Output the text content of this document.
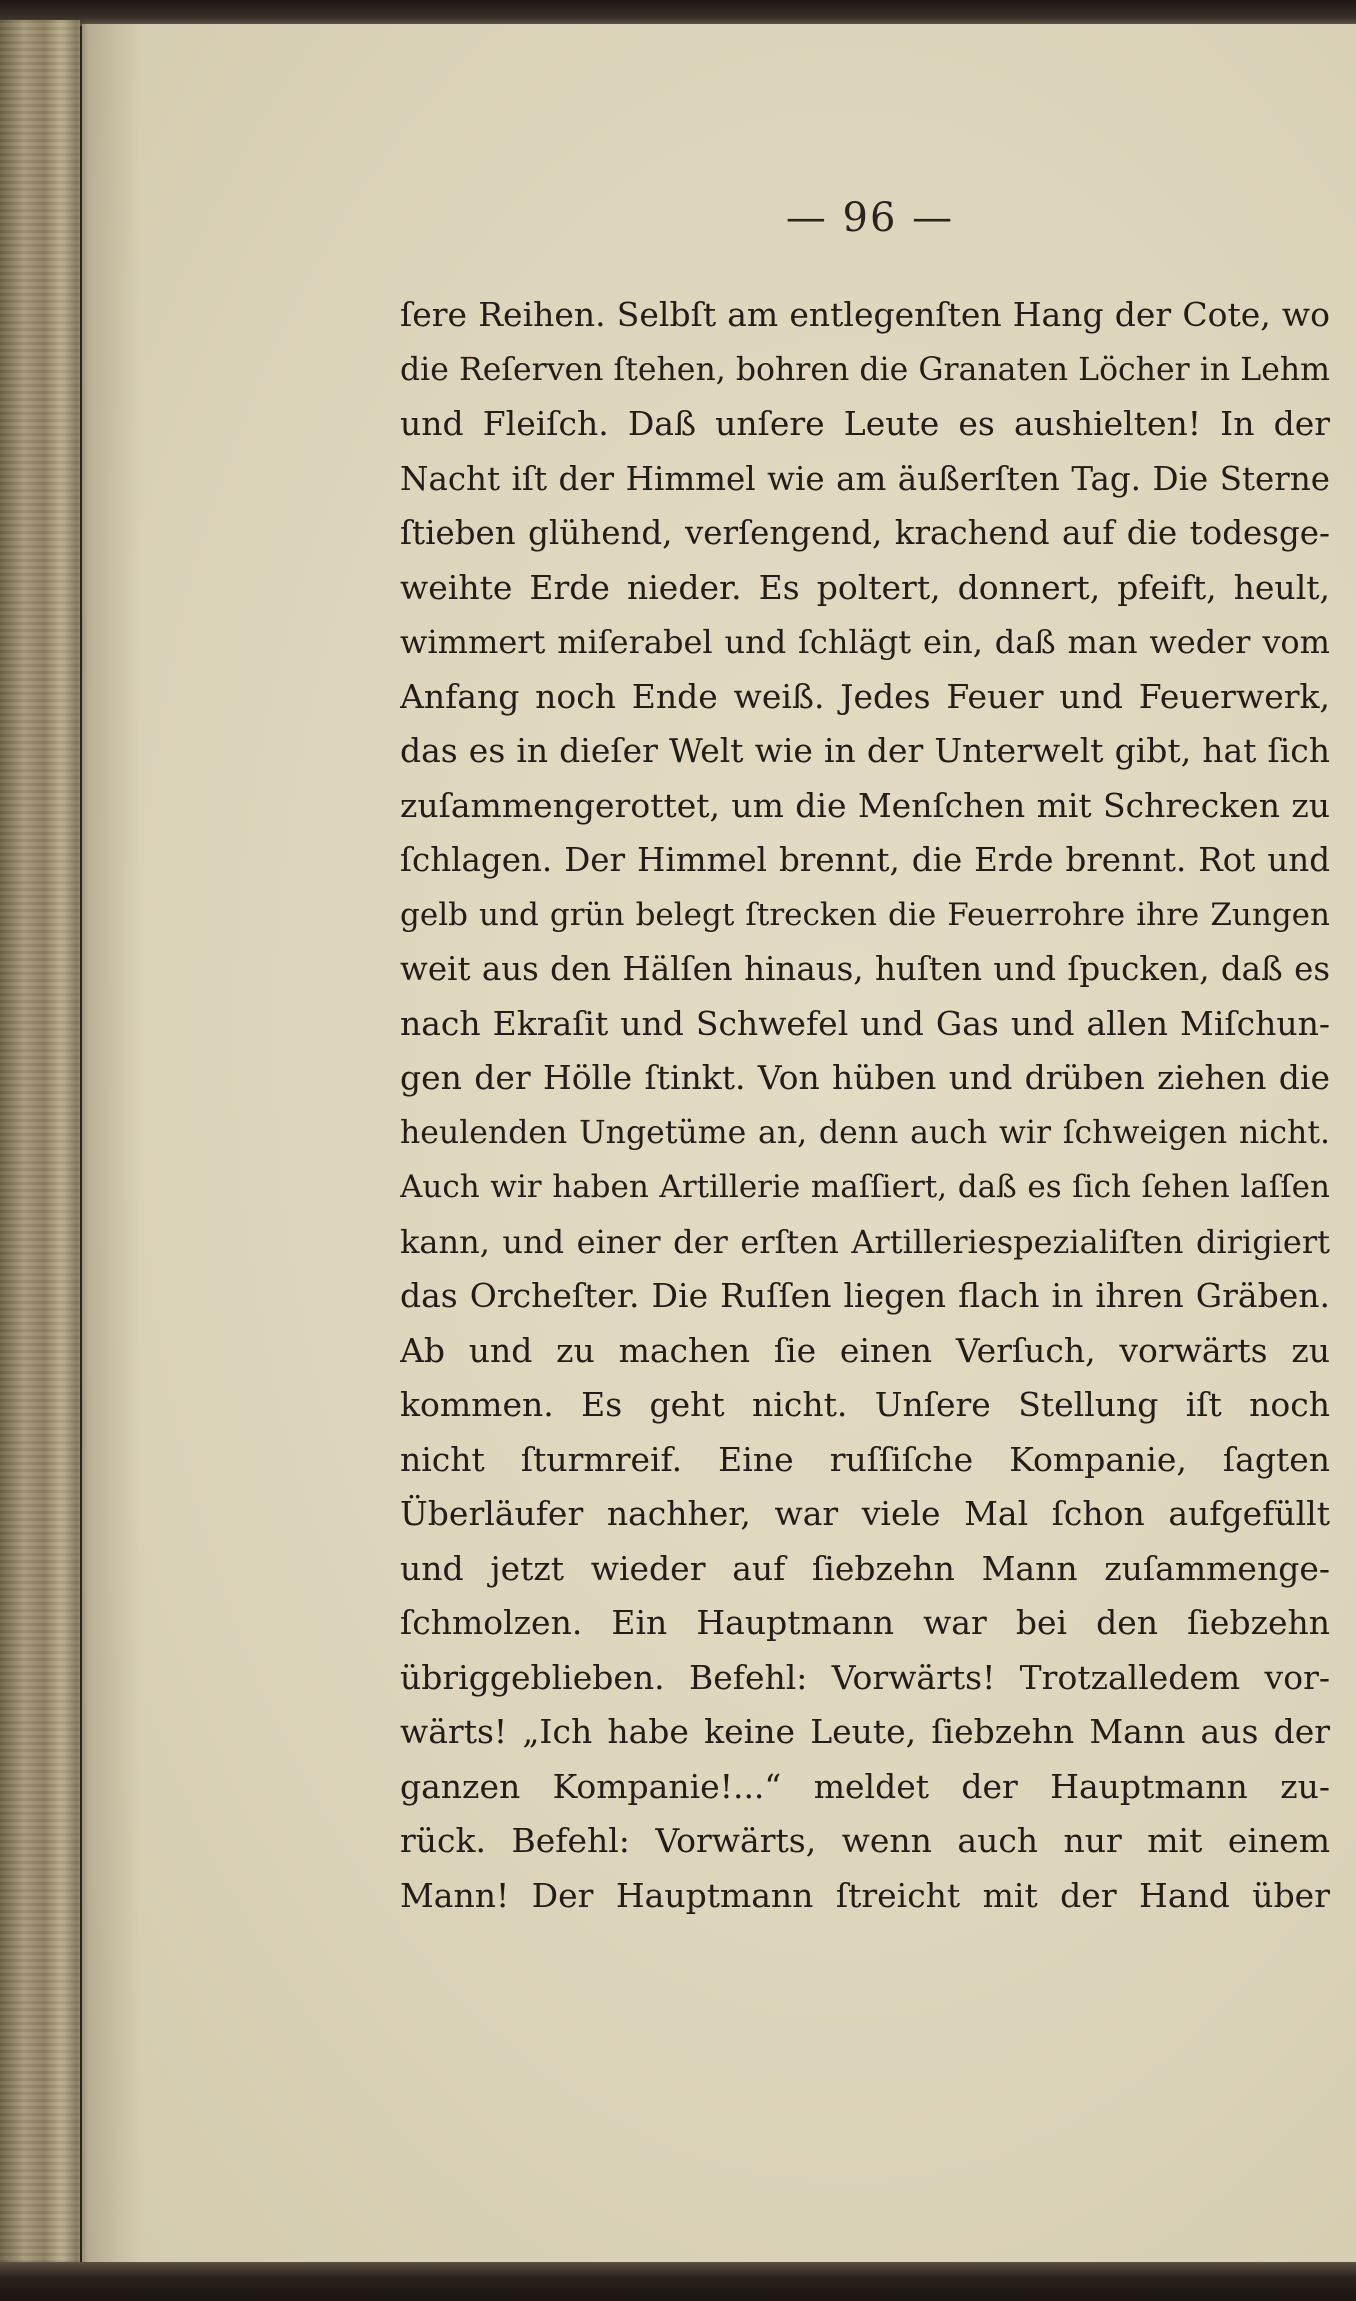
— 96 —
ſere Reihen. Selbſt am entlegenſten Hang der Cote, wo
die Reſerven ſtehen, bohren die Granaten Löcher in Lehm
und Fleiſch. Daß unſere Leute es aushielten! In der
Nacht iſt der Himmel wie am äußerſten Tag. Die Sterne
ſtieben glühend, verſengend, krachend auf die todesge-
weihte Erde nieder. Es poltert, donnert, pfeift, heult,
wimmert miſerabel und ſchlägt ein, daß man weder vom
Anfang noch Ende weiß. Jedes Feuer und Feuerwerk,
das es in dieſer Welt wie in der Unterwelt gibt, hat ſich
zuſammengerottet, um die Menſchen mit Schrecken zu
ſchlagen. Der Himmel brennt, die Erde brennt. Rot und
gelb und grün belegt ſtrecken die Feuerrohre ihre Zungen
weit aus den Hälſen hinaus, huſten und ſpucken, daß es
nach Ekraſit und Schwefel und Gas und allen Miſchun-
gen der Hölle ſtinkt. Von hüben und drüben ziehen die
heulenden Ungetüme an, denn auch wir ſchweigen nicht.
Auch wir haben Artillerie maſſiert, daß es ſich ſehen laſſen
kann, und einer der erſten Artilleriespezialiſten dirigiert
das Orcheſter. Die Ruſſen liegen flach in ihren Gräben.
Ab und zu machen ſie einen Verſuch, vorwärts zu
kommen. Es geht nicht. Unſere Stellung iſt noch
nicht ſturmreif. Eine ruſſiſche Kompanie, ſagten
Überläufer nachher, war viele Mal ſchon aufgefüllt
und jetzt wieder auf ſiebzehn Mann zuſammenge-
ſchmolzen. Ein Hauptmann war bei den ſiebzehn
übriggeblieben. Befehl: Vorwärts! Trotzalledem vor-
wärts! „Ich habe keine Leute, ſiebzehn Mann aus der
ganzen Kompanie!...“ meldet der Hauptmann zu-
rück. Befehl: Vorwärts, wenn auch nur mit einem
Mann! Der Hauptmann ſtreicht mit der Hand über
